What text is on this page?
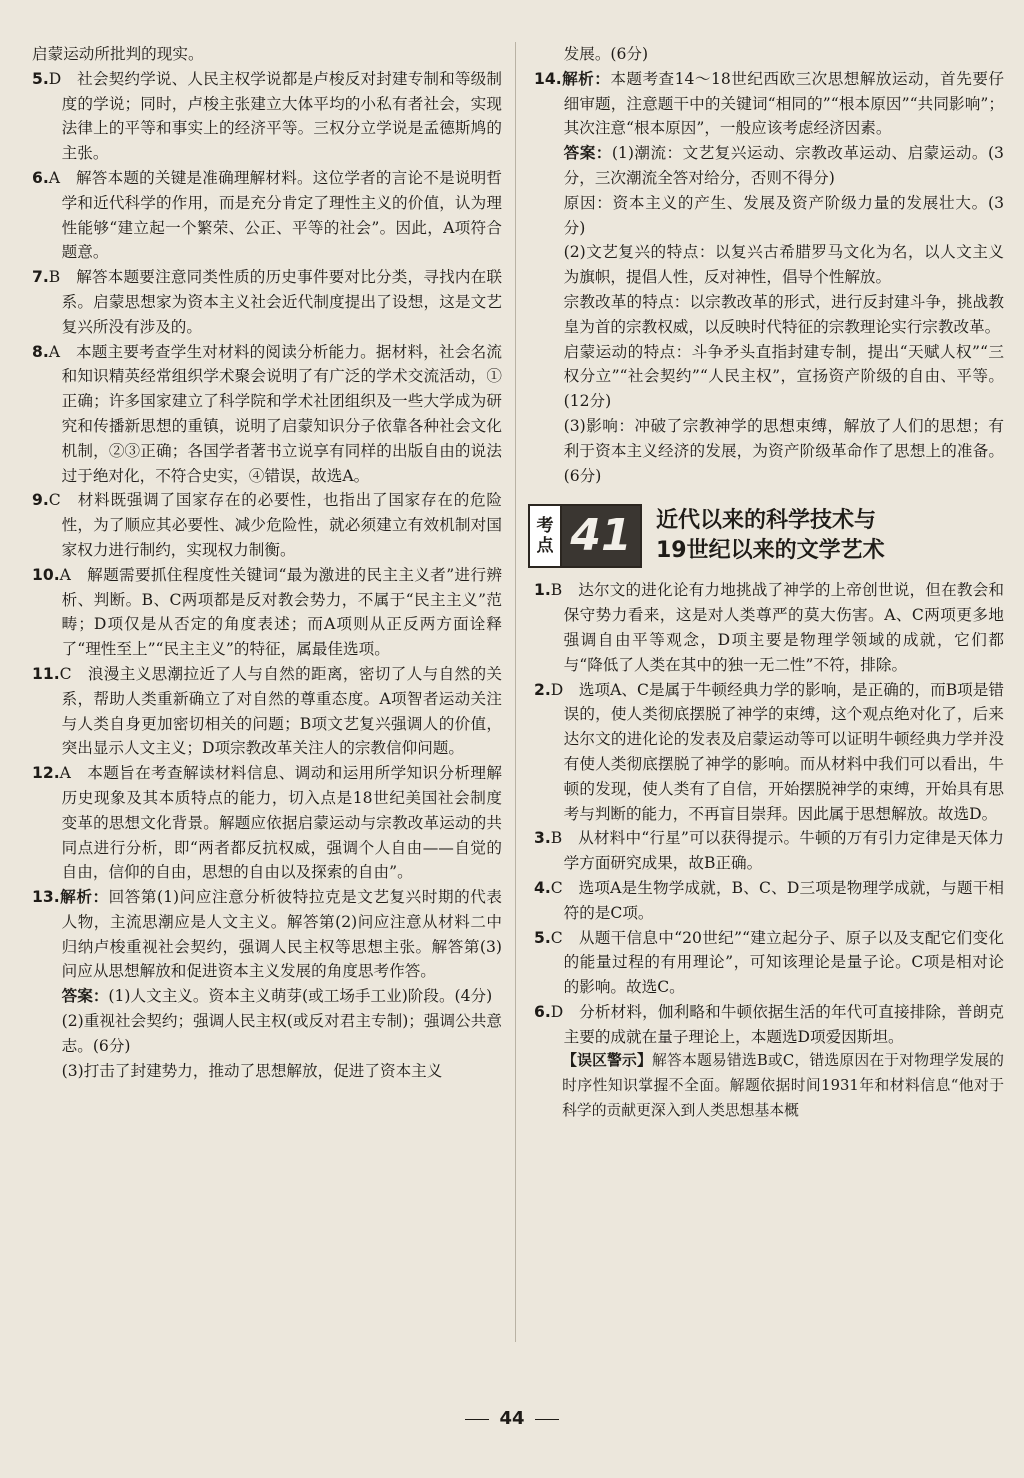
启蒙运动所批判的现实。

5.D　社会契约学说、人民主权学说都是卢梭反对封建专制和等级制度的学说；同时，卢梭主张建立大体平均的小私有者社会，实现法律上的平等和事实上的经济平等。三权分立学说是孟德斯鸠的主张。

6.A　解答本题的关键是准确理解材料。这位学者的言论不是说明哲学和近代科学的作用，而是充分肯定了理性主义的价值，认为理性能够“建立起一个繁荣、公正、平等的社会”。因此，A项符合题意。

7.B　解答本题要注意同类性质的历史事件要对比分类，寻找内在联系。启蒙思想家为资本主义社会近代制度提出了设想，这是文艺复兴所没有涉及的。

8.A　本题主要考查学生对材料的阅读分析能力。据材料，社会名流和知识精英经常组织学术聚会说明了有广泛的学术交流活动，①正确；许多国家建立了科学院和学术社团组织及一些大学成为研究和传播新思想的重镇，说明了启蒙知识分子依靠各种社会文化机制，②③正确；各国学者著书立说享有同样的出版自由的说法过于绝对化，不符合史实，④错误，故选A。

9.C　材料既强调了国家存在的必要性，也指出了国家存在的危险性，为了顺应其必要性、减少危险性，就必须建立有效机制对国家权力进行制约，实现权力制衡。

10.A　解题需要抓住程度性关键词“最为激进的民主主义者”进行辨析、判断。B、C两项都是反对教会势力，不属于“民主主义”范畴；D项仅是从否定的角度表述；而A项则从正反两方面诠释了“理性至上”“民主主义”的特征，属最佳选项。

11.C　浪漫主义思潮拉近了人与自然的距离，密切了人与自然的关系，帮助人类重新确立了对自然的尊重态度。A项智者运动关注与人类自身更加密切相关的问题；B项文艺复兴强调人的价值，突出显示人文主义；D项宗教改革关注人的宗教信仰问题。

12.A　本题旨在考查解读材料信息、调动和运用所学知识分析理解历史现象及其本质特点的能力，切入点是18世纪美国社会制度变革的思想文化背景。解题应依据启蒙运动与宗教改革运动的共同点进行分析，即“两者都反抗权威，强调个人自由——自觉的自由，信仰的自由，思想的自由以及探索的自由”。

13.解析：回答第(1)问应注意分析彼特拉克是文艺复兴时期的代表人物，主流思潮应是人文主义。解答第(2)问应注意从材料二中归纳卢梭重视社会契约，强调人民主权等思想主张。解答第(3)问应从思想解放和促进资本主义发展的角度思考作答。

答案：(1)人文主义。资本主义萌芽(或工场手工业)阶段。(4分)

(2)重视社会契约；强调人民主权(或反对君主专制)；强调公共意志。(6分)

(3)打击了封建势力，推动了思想解放，促进了资本主义

发展。(6分)

14.解析：本题考查14～18世纪西欧三次思想解放运动，首先要仔细审题，注意题干中的关键词“相同的”“根本原因”“共同影响”；其次注意“根本原因”，一般应该考虑经济因素。

答案：(1)潮流：文艺复兴运动、宗教改革运动、启蒙运动。(3分，三次潮流全答对给分，否则不得分)

原因：资本主义的产生、发展及资产阶级力量的发展壮大。(3分)

(2)文艺复兴的特点：以复兴古希腊罗马文化为名，以人文主义为旗帜，提倡人性，反对神性，倡导个性解放。

宗教改革的特点：以宗教改革的形式，进行反封建斗争，挑战教皇为首的宗教权威，以反映时代特征的宗教理论实行宗教改革。

启蒙运动的特点：斗争矛头直指封建专制，提出“天赋人权”“三权分立”“社会契约”“人民主权”，宣扬资产阶级的自由、平等。(12分)

(3)影响：冲破了宗教神学的思想束缚，解放了人们的思想；有利于资本主义经济的发展，为资产阶级革命作了思想上的准备。(6分)

考
点 41	近代以来的科学技术与
19世纪以来的文学艺术

1.B　达尔文的进化论有力地挑战了神学的上帝创世说，但在教会和保守势力看来，这是对人类尊严的莫大伤害。A、C两项更多地强调自由平等观念，D项主要是物理学领域的成就，它们都与“降低了人类在其中的独一无二性”不符，排除。

2.D　选项A、C是属于牛顿经典力学的影响，是正确的，而B项是错误的，使人类彻底摆脱了神学的束缚，这个观点绝对化了，后来达尔文的进化论的发表及启蒙运动等可以证明牛顿经典力学并没有使人类彻底摆脱了神学的影响。而从材料中我们可以看出，牛顿的发现，使人类有了自信，开始摆脱神学的束缚，开始具有思考与判断的能力，不再盲目崇拜。因此属于思想解放。故选D。

3.B　从材料中“行星”可以获得提示。牛顿的万有引力定律是天体力学方面研究成果，故B正确。

4.C　选项A是生物学成就，B、C、D三项是物理学成就，与题干相符的是C项。

5.C　从题干信息中“20世纪”“建立起分子、原子以及支配它们变化的能量过程的有用理论”，可知该理论是量子论。C项是相对论的影响。故选C。

6.D　分析材料，伽利略和牛顿依据生活的年代可直接排除，普朗克主要的成就在量子理论上，本题选D项爱因斯坦。

【误区警示】解答本题易错选B或C，错选原因在于对物理学发展的时序性知识掌握不全面。解题依据时间1931年和材料信息“他对于科学的贡献更深入到人类思想基本概

44
